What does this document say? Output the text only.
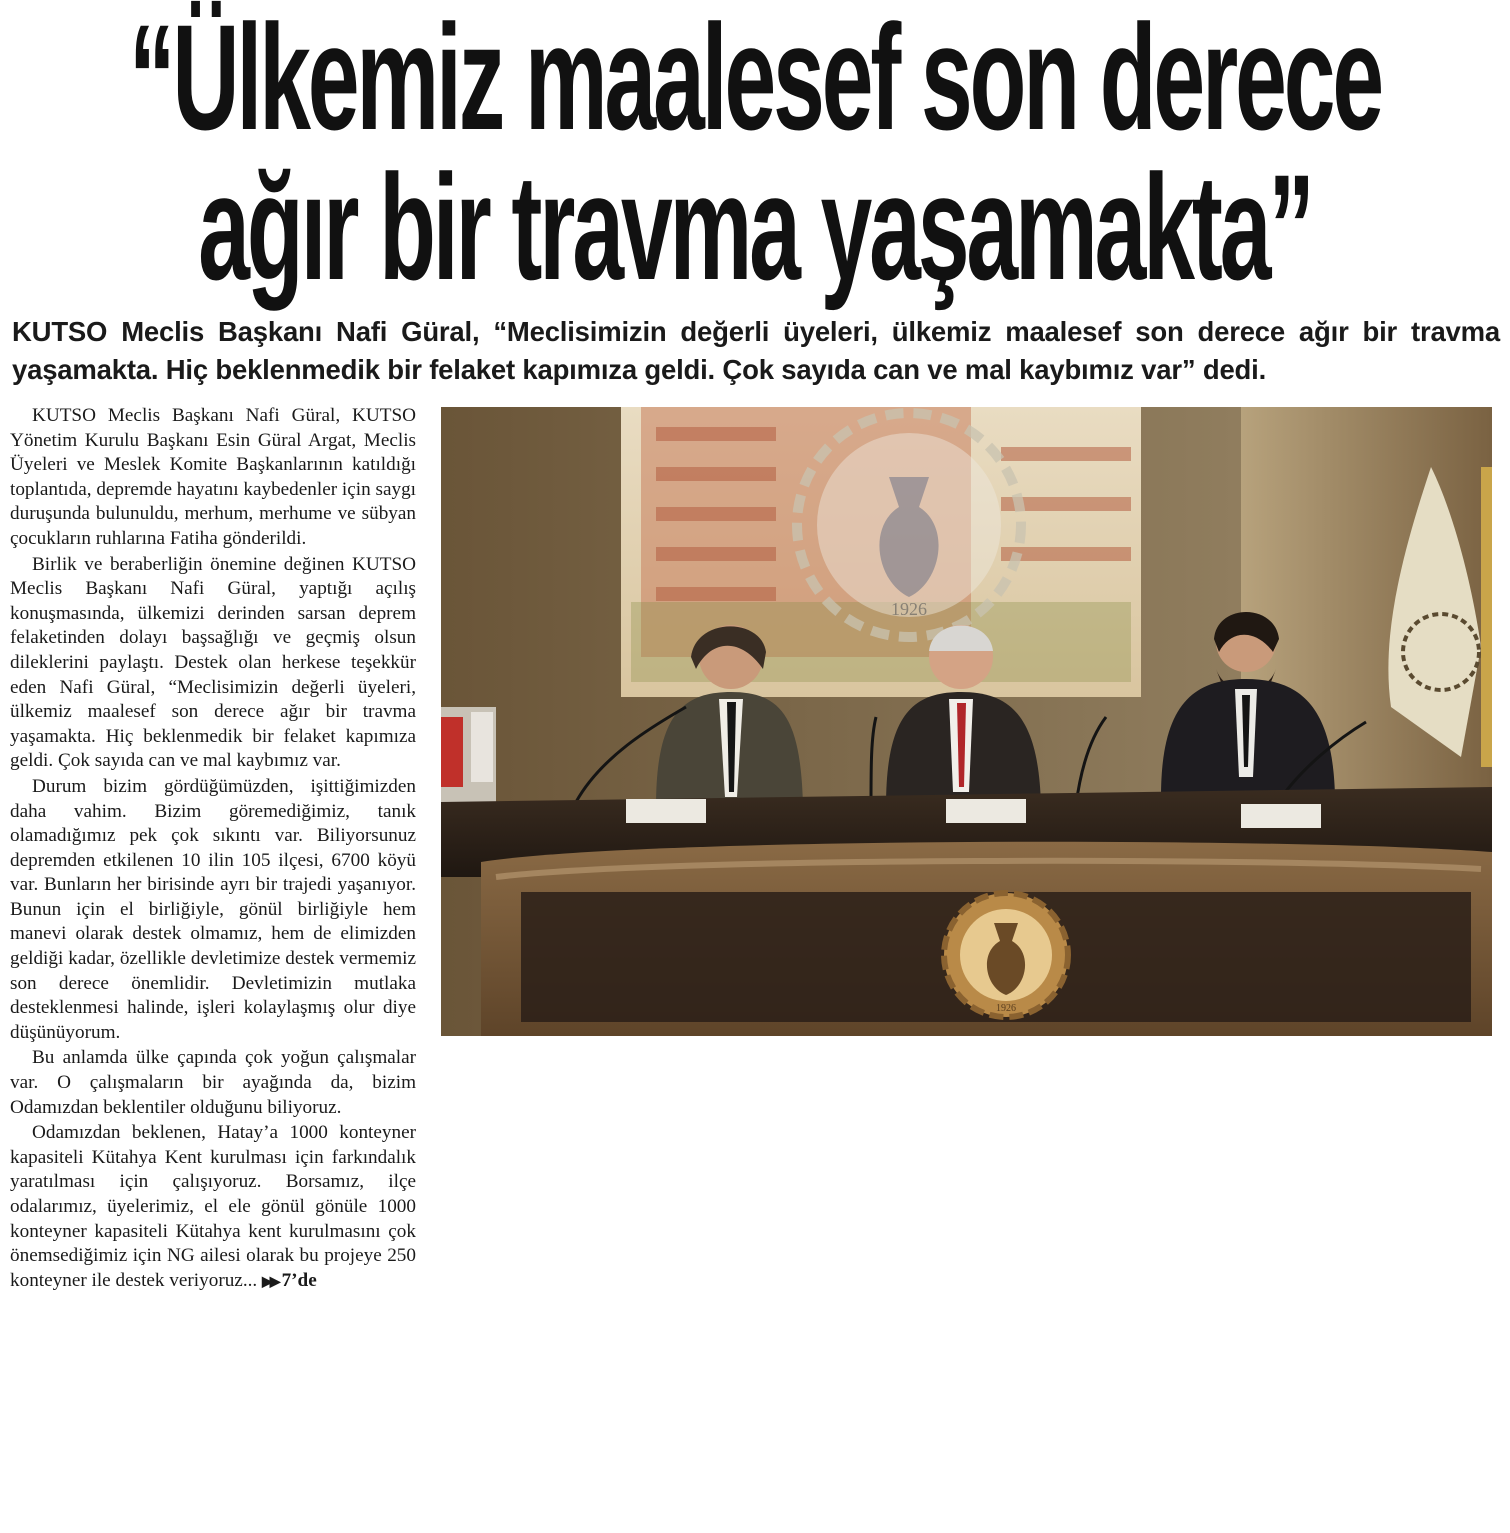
“Ülkemiz maalesef son derece
ağır bir travma yaşamakta”
KUTSO Meclis Başkanı Nafi Güral, “Meclisimizin değerli üyeleri, ülkemiz maalesef son derece ağır bir travma yaşamakta. Hiç beklenmedik bir felaket kapımıza geldi. Çok sayıda can ve mal kaybımız var” dedi.

KUTSO Meclis Başkanı Nafi Güral, KUTSO Yönetim Kurulu Başkanı Esin Güral Argat, Meclis Üyeleri ve Meslek Komite Başkanlarının katıldığı toplantıda, depremde hayatını kaybedenler için saygı duruşunda bulunuldu, merhum, merhume ve sübyan çocukların ruhlarına Fatiha gönderildi.

Birlik ve beraberliğin önemine değinen KUTSO Meclis Başkanı Nafi Güral, yaptığı açılış konuşmasında, ülkemizi derinden sarsan deprem felaketinden dolayı başsağlığı ve geçmiş olsun dileklerini paylaştı. Destek olan herkese teşekkür eden Nafi Güral, “Meclisimizin değerli üyeleri, ülkemiz maalesef son derece ağır bir travma yaşamakta. Hiç beklenmedik bir felaket kapımıza geldi. Çok sayıda can ve mal kaybımız var.

Durum bizim gördüğümüzden, işittiğimizden daha vahim. Bizim göremediğimiz, tanık olamadığımız pek çok sıkıntı var. Biliyorsunuz depremden etkilenen 10 ilin 105 ilçesi, 6700 köyü var. Bunların her birisinde ayrı bir trajedi yaşanıyor. Bunun için el birliğiyle, gönül birliğiyle hem manevi olarak destek olmamız, hem de elimizden geldiği kadar, özellikle devletimize destek vermemiz son derece önemlidir. Devletimizin mutlaka desteklenmesi halinde, işleri kolaylaşmış olur diye düşünüyorum.

Bu anlamda ülke çapında çok yoğun çalışmalar var. O çalışmaların bir ayağında da, bizim Odamızdan beklentiler olduğunu biliyoruz.

Odamızdan beklenen, Hatay’a 1000 konteyner kapasiteli Kütahya Kent kurulması için farkındalık yaratılması için çalışıyoruz. Borsamız, ilçe odalarımız, üyelerimiz, el ele gönül gönüle 1000 konteyner kapasiteli Kütahya kent kurulmasını çok önemsediğimiz için NG ailesi olarak bu projeye 250 konteyner ile destek veriyoruz... ▶▶ 7’de

1926
1926
